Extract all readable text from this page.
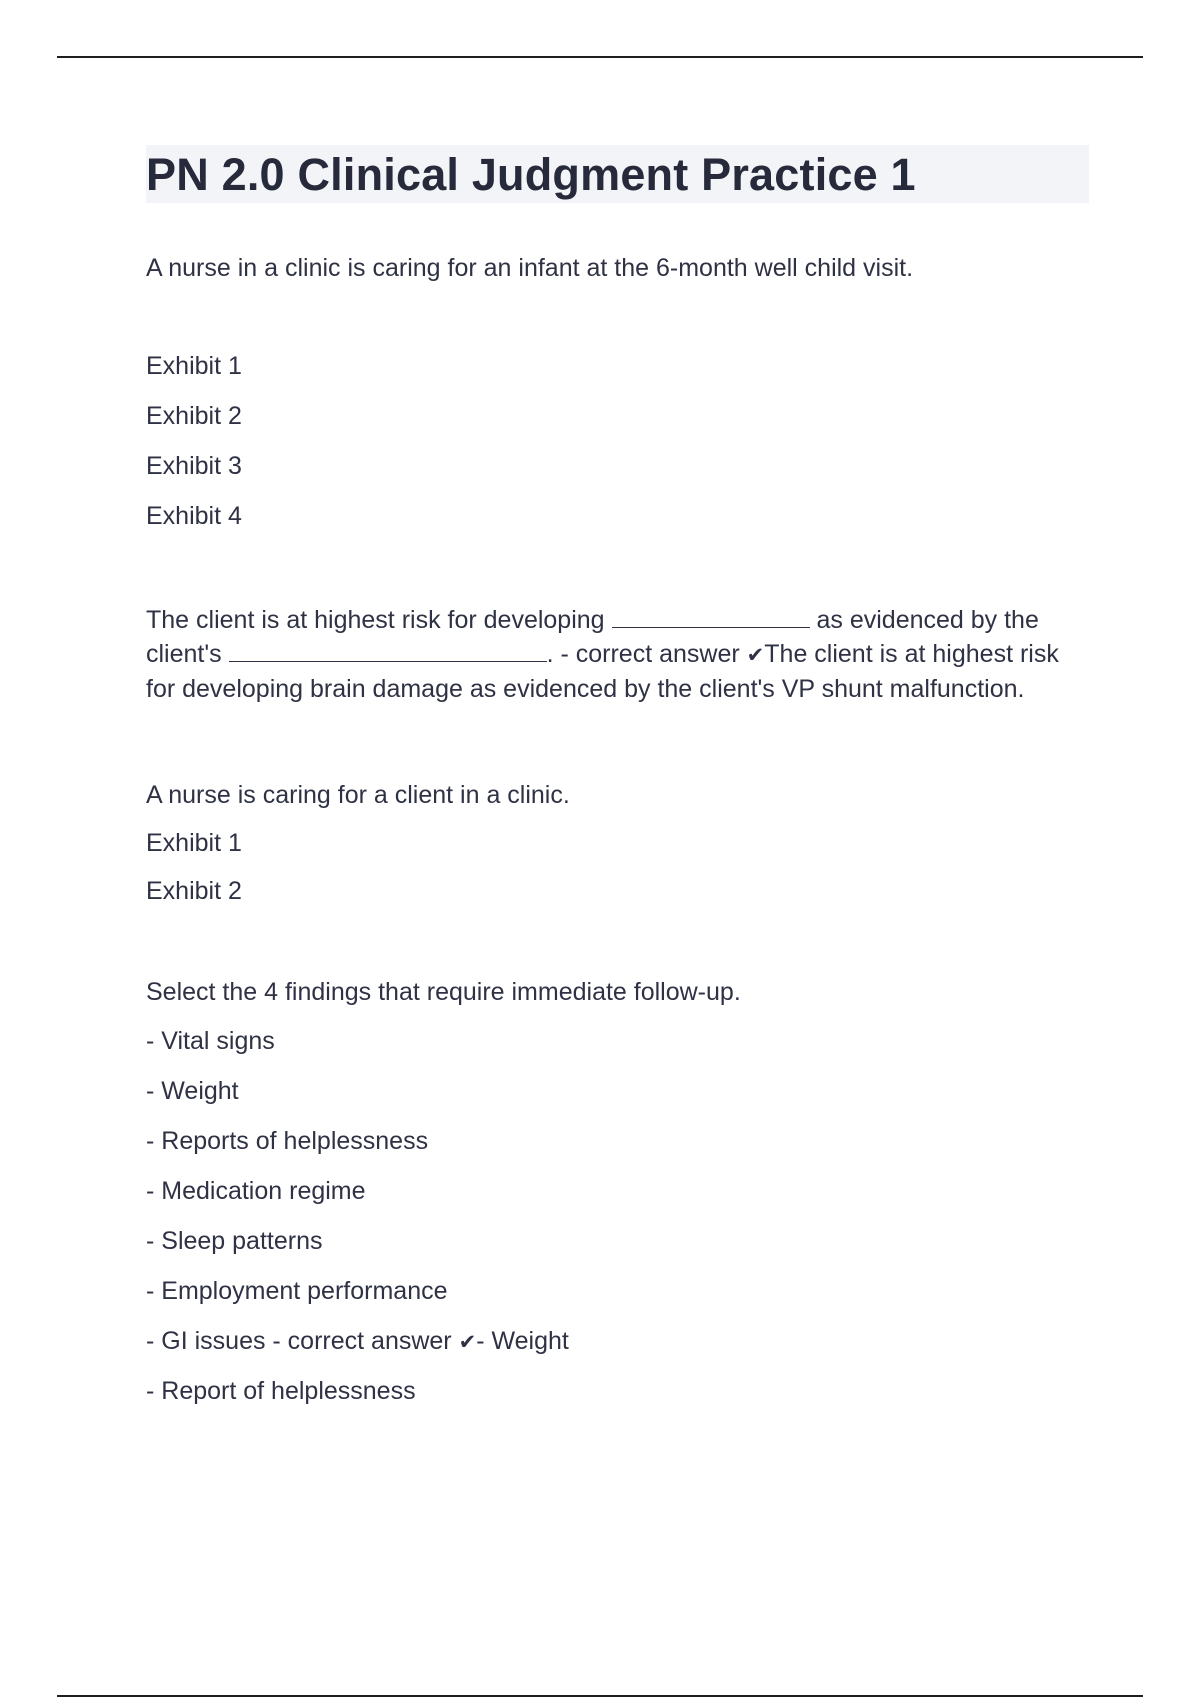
PN 2.0 Clinical Judgment Practice 1

A nurse in a clinic is caring for an infant at the 6-month well child visit.

Exhibit 1

Exhibit 2

Exhibit 3

Exhibit 4

The client is at highest risk for developing	as evidenced by the client's	. - correct answer ✔The client is at highest risk for developing brain damage as evidenced by the client's VP shunt malfunction.

A nurse is caring for a client in a clinic.

Exhibit 1

Exhibit 2

Select the 4 findings that require immediate follow-up.

- Vital signs

- Weight

- Reports of helplessness

- Medication regime

- Sleep patterns

- Employment performance

- GI issues - correct answer ✔- Weight

- Report of helplessness
